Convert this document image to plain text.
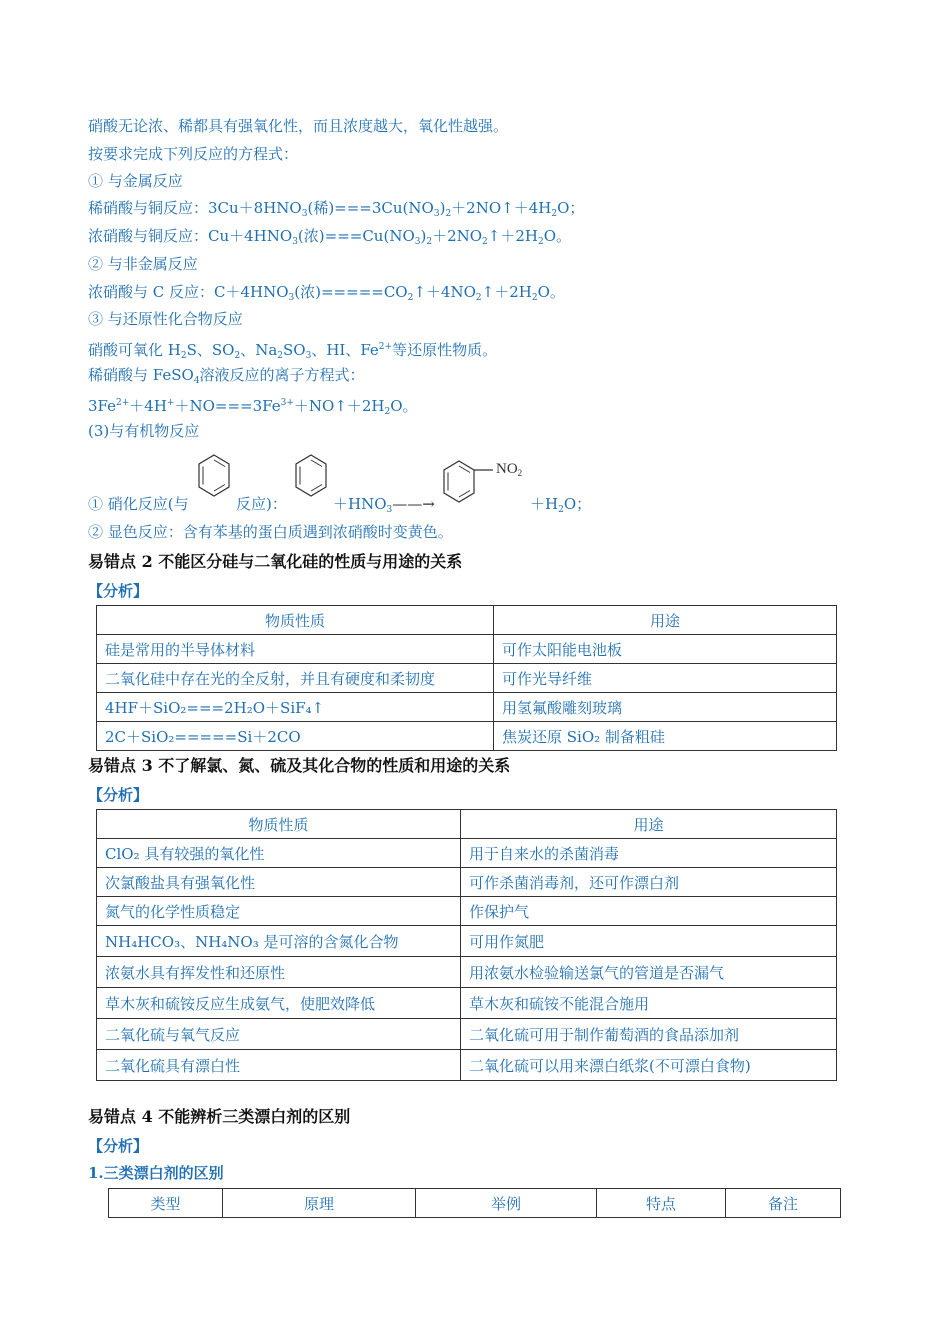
硝酸无论浓、稀都具有强氧化性，而且浓度越大，氧化性越强。
按要求完成下列反应的方程式：
① 与金属反应
稀硝酸与铜反应：$3Cu+8HNO_3$(稀)$===3Cu(NO_3)_2+2NO↑+4H_2O$；
浓硝酸与铜反应：$Cu+4HNO_3$(浓)$===Cu(NO_3)_2+2NO_2↑+2H_2O$。
② 与非金属反应
浓硝酸与 C 反应：$C+4HNO_3$(浓)$=====CO_2↑+4NO_2↑+2H_2O$。
③ 与还原性化合物反应
硝酸可氧化 $H_2S$、$SO_2$、$Na_2SO_3$、HI、$Fe^{2+}$等还原性物质。
稀硝酸与 FeSO$_4$溶液反应的离子方程式：
$3Fe^{2+}+4H^++NO===3Fe^{3+}+NO↑+2H_2O$。
(3)与有机物反应
$NO_2$
① 硝化反应(与	反应)：	$+HNO_3——\to$	$+H_2O$；
② 显色反应：含有苯基的蛋白质遇到浓硝酸时变黄色。
易错点 2 不能区分硅与二氧化硅的性质与用途的关系
【分析】
物质性质	用途
硅是常用的半导体材料	可作太阳能电池板
二氧化硅中存在光的全反射，并且有硬度和柔韧度	可作光导纤维
4HF＋SiO₂===2H₂O＋SiF₄↑	用氢氟酸雕刻玻璃
2C＋SiO₂=====Si＋2CO	焦炭还原 SiO₂ 制备粗硅
易错点 3 不了解氯、氮、硫及其化合物的性质和用途的关系
【分析】
物质性质	用途
ClO₂ 具有较强的氧化性	用于自来水的杀菌消毒
次氯酸盐具有强氧化性	可作杀菌消毒剂，还可作漂白剂
氮气的化学性质稳定	作保护气
NH₄HCO₃、NH₄NO₃ 是可溶的含氮化合物	可用作氮肥
浓氨水具有挥发性和还原性	用浓氨水检验输送氯气的管道是否漏气
草木灰和硫铵反应生成氨气，使肥效降低	草木灰和硫铵不能混合施用
二氧化硫与氧气反应	二氧化硫可用于制作葡萄酒的食品添加剂
二氧化硫具有漂白性	二氧化硫可以用来漂白纸浆(不可漂白食物)
易错点 4 不能辨析三类漂白剂的区别
【分析】
1.三类漂白剂的区别
类型	原理	举例	特点	备注
